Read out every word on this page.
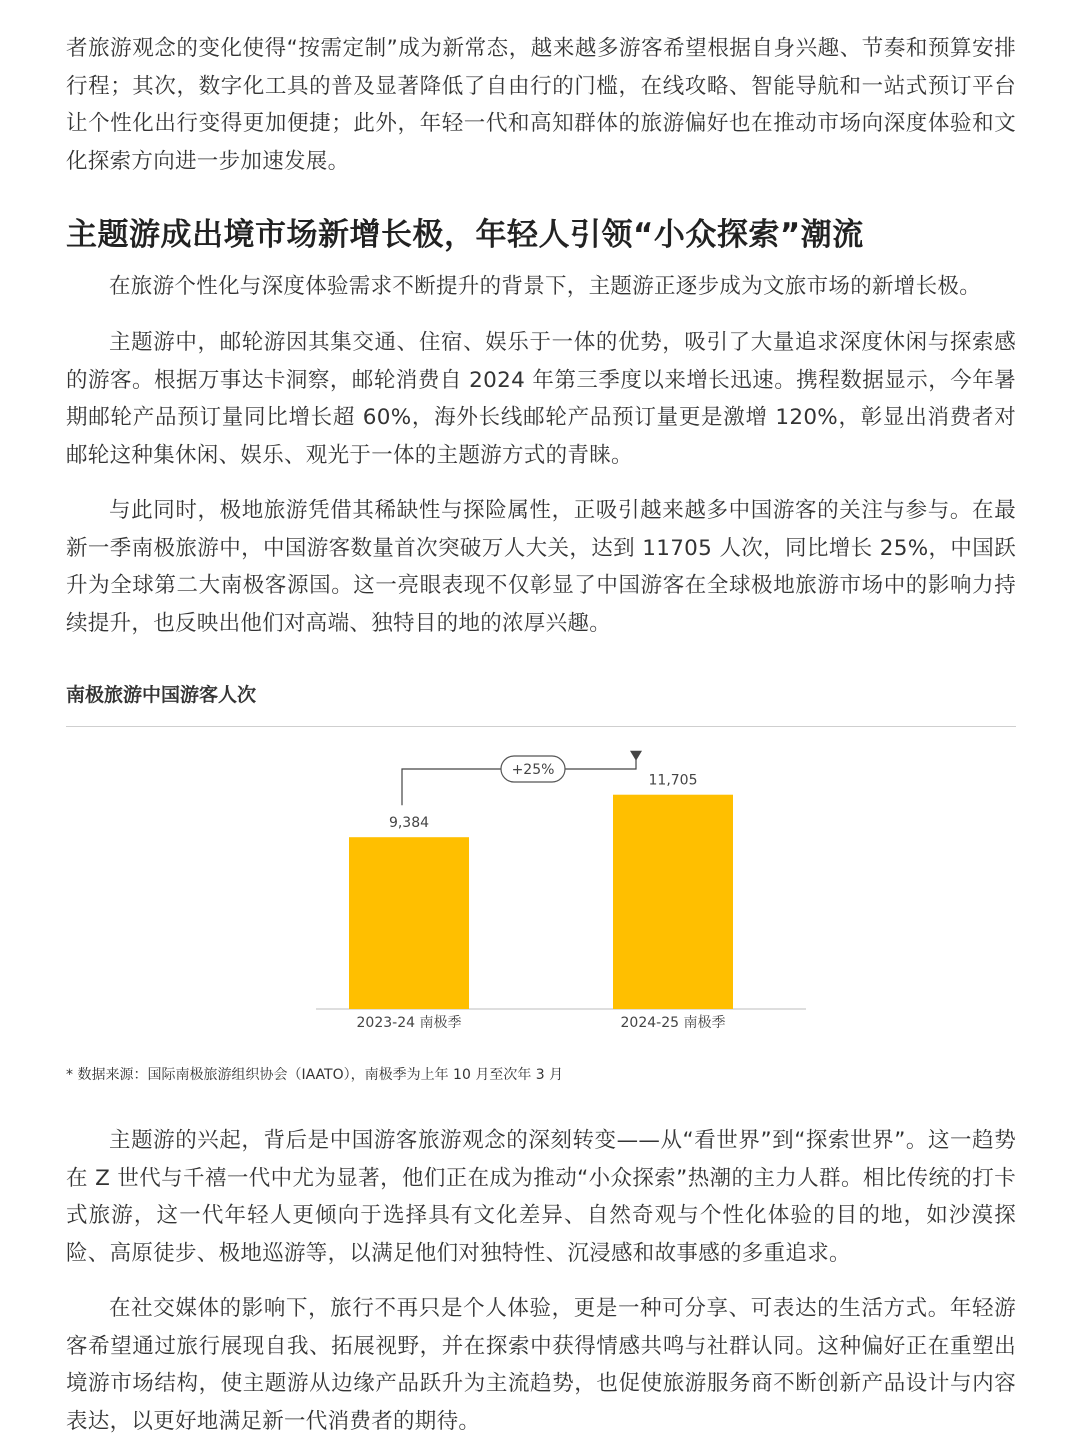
者旅游观念的变化使得“按需定制”成为新常态，越来越多游客希望根据自身兴趣、节奏和预算安排行程；其次，数字化工具的普及显著降低了自由行的门槛，在线攻略、智能导航和一站式预订平台让个性化出行变得更加便捷；此外，年轻一代和高知群体的旅游偏好也在推动市场向深度体验和文化探索方向进一步加速发展。

主题游成出境市场新增长极，年轻人引领“小众探索”潮流

在旅游个性化与深度体验需求不断提升的背景下，主题游正逐步成为文旅市场的新增长极。

主题游中，邮轮游因其集交通、住宿、娱乐于一体的优势，吸引了大量追求深度休闲与探索感的游客。根据万事达卡洞察，邮轮消费自 2024 年第三季度以来增长迅速。携程数据显示，今年暑期邮轮产品预订量同比增长超 60%，海外长线邮轮产品预订量更是激增 120%，彰显出消费者对邮轮这种集休闲、娱乐、观光于一体的主题游方式的青睐。

与此同时，极地旅游凭借其稀缺性与探险属性，正吸引越来越多中国游客的关注与参与。在最新一季南极旅游中，中国游客数量首次突破万人大关，达到 11705 人次，同比增长 25%，中国跃升为全球第二大南极客源国。这一亮眼表现不仅彰显了中国游客在全球极地旅游市场中的影响力持续提升，也反映出他们对高端、独特目的地的浓厚兴趣。

南极旅游中国游客人次
9,384
2023-24 南极季
11,705
2024-25 南极季
+25%

* 数据来源：国际南极旅游组织协会（IAATO），南极季为上年 10 月至次年 3 月

主题游的兴起，背后是中国游客旅游观念的深刻转变——从“看世界”到“探索世界”。这一趋势在 Z 世代与千禧一代中尤为显著，他们正在成为推动“小众探索”热潮的主力人群。相比传统的打卡式旅游，这一代年轻人更倾向于选择具有文化差异、自然奇观与个性化体验的目的地，如沙漠探险、高原徒步、极地巡游等，以满足他们对独特性、沉浸感和故事感的多重追求。

在社交媒体的影响下，旅行不再只是个人体验，更是一种可分享、可表达的生活方式。年轻游客希望通过旅行展现自我、拓展视野，并在探索中获得情感共鸣与社群认同。这种偏好正在重塑出境游市场结构，使主题游从边缘产品跃升为主流趋势，也促使旅游服务商不断创新产品设计与内容表达，以更好地满足新一代消费者的期待。
